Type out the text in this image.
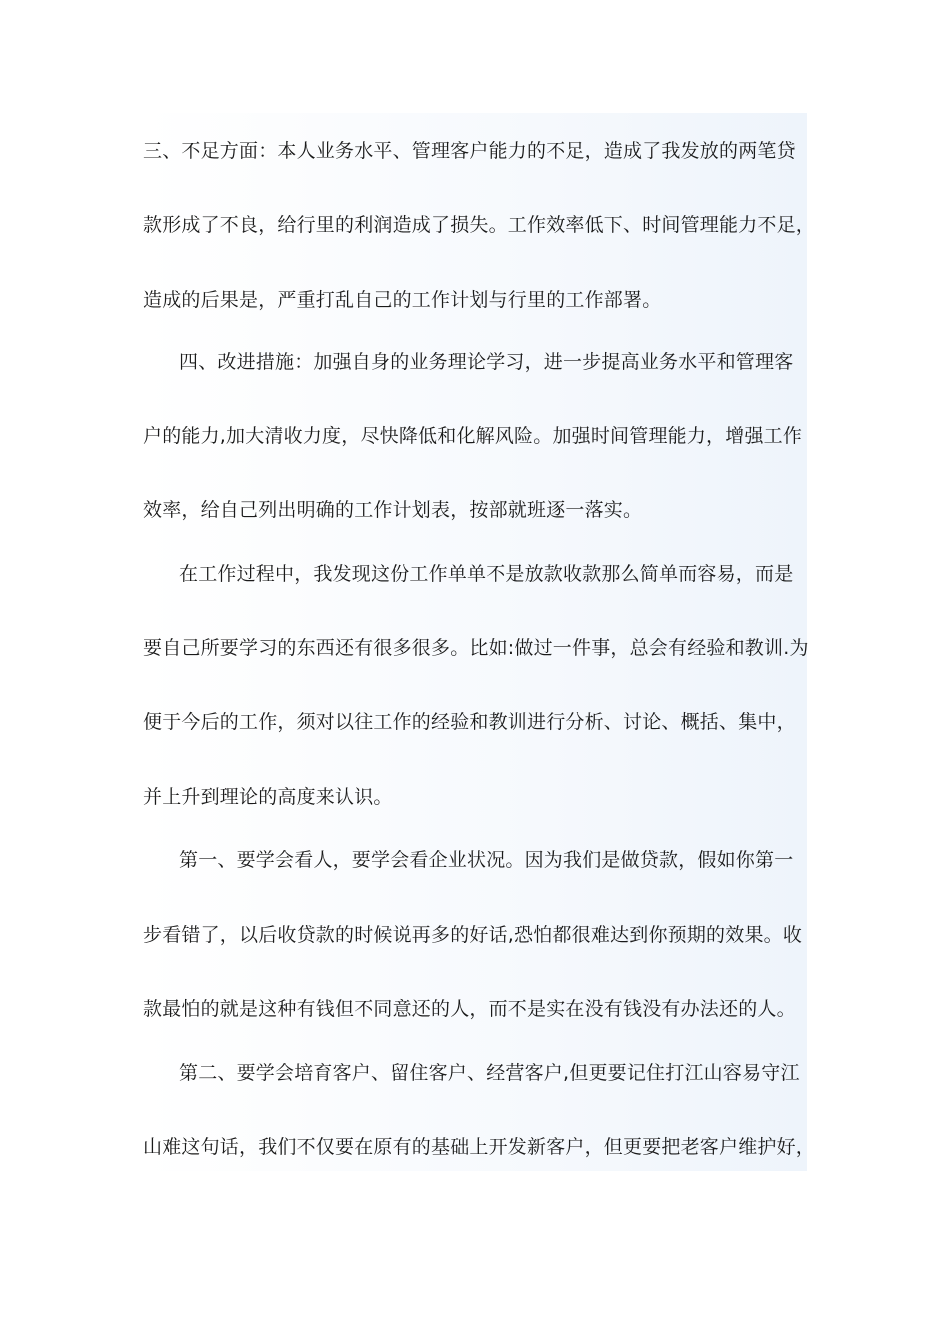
三、不足方面：本人业务水平、管理客户能力的不足，造成了我发放的两笔贷
款形成了不良，给行里的利润造成了损失。工作效率低下、时间管理能力不足，
造成的后果是，严重打乱自己的工作计划与行里的工作部署。
四、改进措施：加强自身的业务理论学习，进一步提高业务水平和管理客
户的能力,加大清收力度，尽快降低和化解风险。加强时间管理能力，增强工作
效率，给自己列出明确的工作计划表，按部就班逐一落实。
在工作过程中，我发现这份工作单单不是放款收款那么简单而容易，而是
要自己所要学习的东西还有很多很多。比如:做过一件事，总会有经验和教训.为
便于今后的工作，须对以往工作的经验和教训进行分析、讨论、概括、集中，
并上升到理论的高度来认识。
第一、要学会看人，要学会看企业状况。因为我们是做贷款，假如你第一
步看错了，以后收贷款的时候说再多的好话,恐怕都很难达到你预期的效果。收
款最怕的就是这种有钱但不同意还的人，而不是实在没有钱没有办法还的人。
第二、要学会培育客户、留住客户、经营客户,但更要记住打江山容易守江
山难这句话，我们不仅要在原有的基础上开发新客户，但更要把老客户维护好，
